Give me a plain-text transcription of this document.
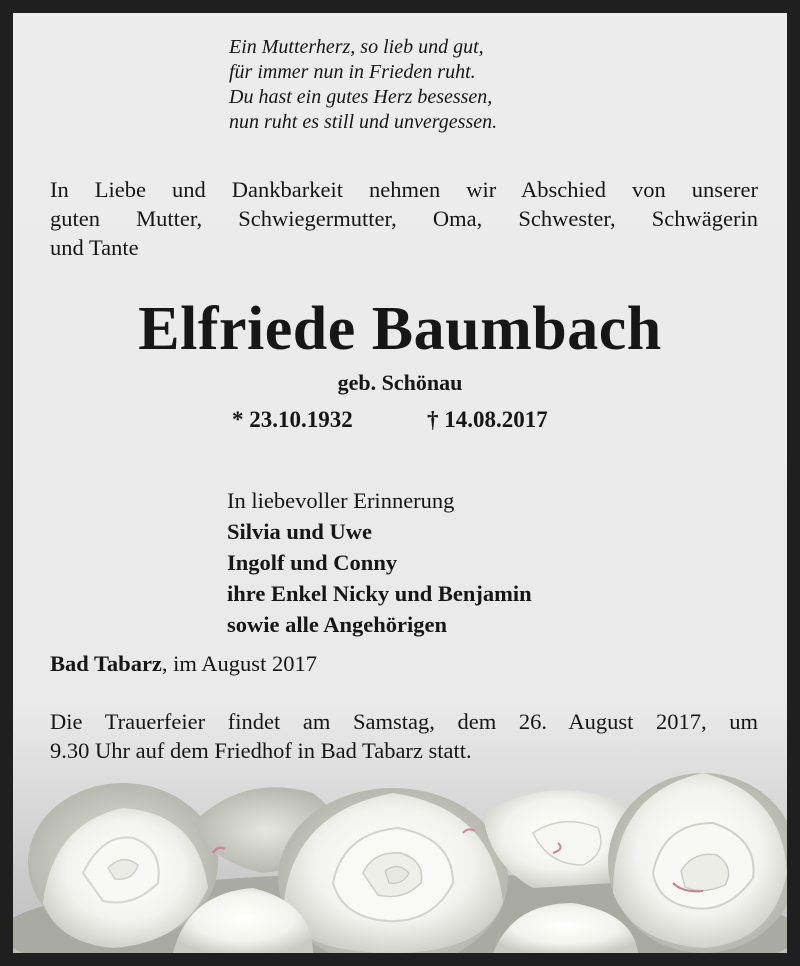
Ein Mutterherz, so lieb und gut,
für immer nun in Frieden ruht.
Du hast ein gutes Herz besessen,
nun ruht es still und unvergessen.
In Liebe und Dankbarkeit nehmen wir Abschied von unserer
guten Mutter, Schwiegermutter, Oma, Schwester, Schwägerin
und Tante
Elfriede Baumbach
geb. Schönau
* 23.10.1932	† 14.08.2017
In liebevoller Erinnerung
Silvia und Uwe
Ingolf und Conny
ihre Enkel Nicky und Benjamin
sowie alle Angehörigen
Bad Tabarz, im August 2017
Die Trauerfeier findet am Samstag, dem 26. August 2017, um
9.30 Uhr auf dem Friedhof in Bad Tabarz statt.
